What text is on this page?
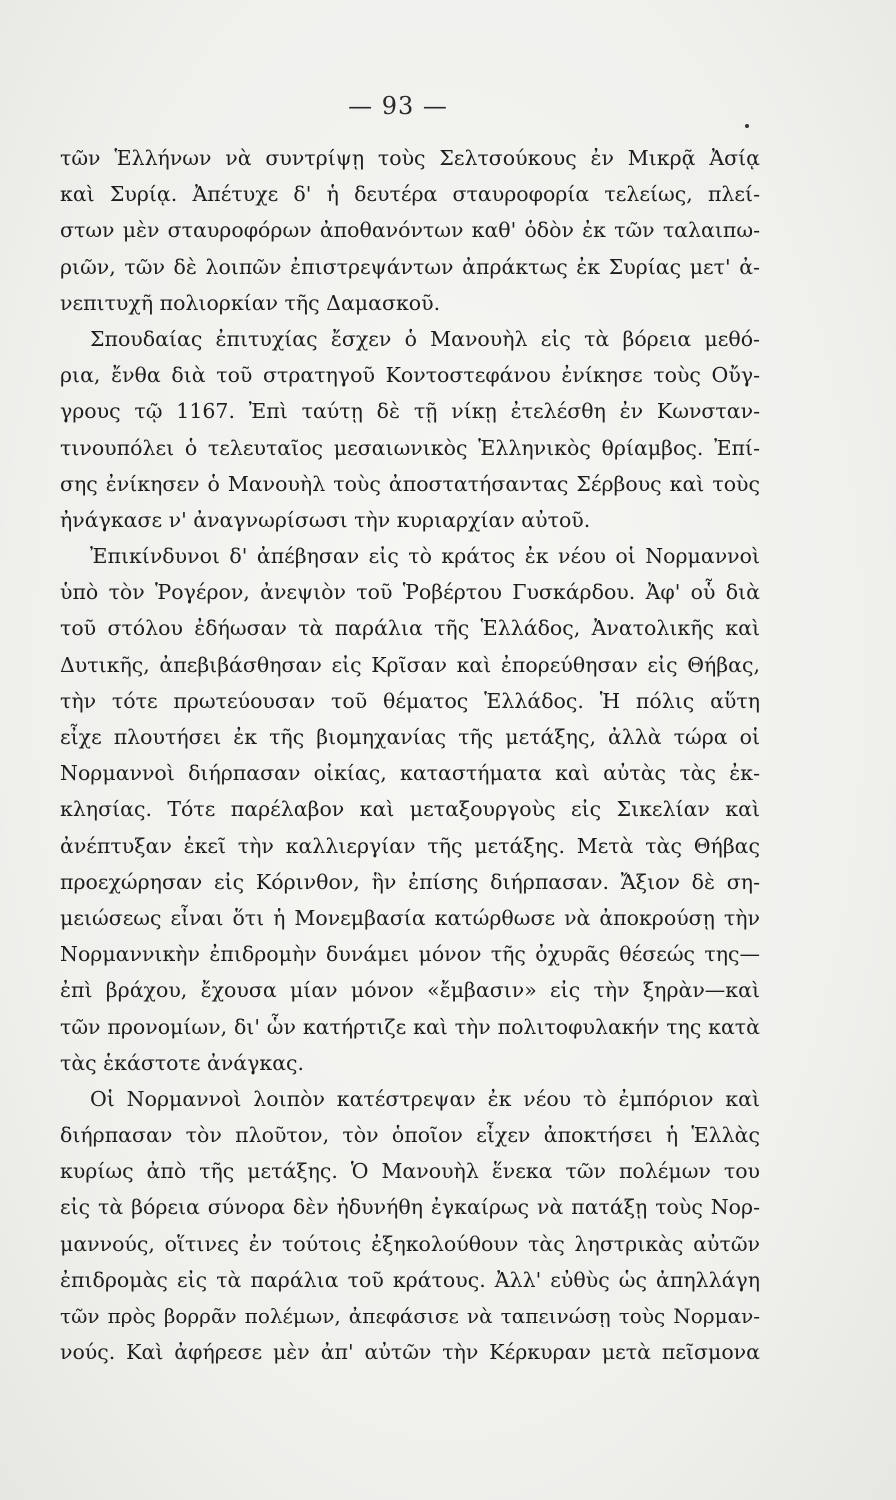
— 93 —
τῶν Ἑλλήνων νὰ συντρίψῃ τοὺς Σελτσούκους ἐν Μικρᾷ Ἀσίᾳ
καὶ Συρίᾳ. Ἀπέτυχε δ' ἡ δευτέρα σταυροφορία τελείως, πλεί-
στων μὲν σταυροφόρων ἀποθανόντων καθ' ὁδὸν ἐκ τῶν ταλαιπω-
ριῶν, τῶν δὲ λοιπῶν ἐπιστρεψάντων ἀπράκτως ἐκ Συρίας μετ' ἀ-
νεπιτυχῆ πολιορκίαν τῆς Δαμασκοῦ.
Σπουδαίας ἐπιτυχίας ἔσχεν ὁ Μανουὴλ εἰς τὰ βόρεια μεθό-
ρια, ἔνθα διὰ τοῦ στρατηγοῦ Κοντοστεφάνου ἐνίκησε τοὺς Οὔγ-
γρους τῷ 1167. Ἐπὶ ταύτῃ δὲ τῇ νίκῃ ἐτελέσθη ἐν Κωνσταν-
τινουπόλει ὁ τελευταῖος μεσαιωνικὸς Ἑλληνικὸς θρίαμβος. Ἐπί-
σης ἐνίκησεν ὁ Μανουὴλ τοὺς ἀποστατήσαντας Σέρβους καὶ τοὺς
ἠνάγκασε ν' ἀναγνωρίσωσι τὴν κυριαρχίαν αὐτοῦ.
Ἐπικίνδυνοι δ' ἀπέβησαν εἰς τὸ κράτος ἐκ νέου οἱ Νορμαννοὶ
ὑπὸ τὸν Ῥογέρον, ἀνεψιὸν τοῦ Ῥοβέρτου Γυσκάρδου. Ἀφ' οὗ διὰ
τοῦ στόλου ἐδήωσαν τὰ παράλια τῆς Ἑλλάδος, Ἀνατολικῆς καὶ
Δυτικῆς, ἀπεβιβάσθησαν εἰς Κρῖσαν καὶ ἐπορεύθησαν εἰς Θήβας,
τὴν τότε πρωτεύουσαν τοῦ θέματος Ἑλλάδος. Ἡ πόλις αὕτη
εἶχε πλουτήσει ἐκ τῆς βιομηχανίας τῆς μετάξης, ἀλλὰ τώρα οἱ
Νορμαννοὶ διήρπασαν οἰκίας, καταστήματα καὶ αὐτὰς τὰς ἐκ-
κλησίας. Τότε παρέλαβον καὶ μεταξουργοὺς εἰς Σικελίαν καὶ
ἀνέπτυξαν ἐκεῖ τὴν καλλιεργίαν τῆς μετάξης. Μετὰ τὰς Θήβας
προεχώρησαν εἰς Κόρινθον, ἣν ἐπίσης διήρπασαν. Ἄξιον δὲ ση-
μειώσεως εἶναι ὅτι ἡ Μονεμβασία κατώρθωσε νὰ ἀποκρούσῃ τὴν
Νορμαννικὴν ἐπιδρομὴν δυνάμει μόνον τῆς ὀχυρᾶς θέσεώς της—
ἐπὶ βράχου, ἔχουσα μίαν μόνον «ἔμβασιν» εἰς τὴν ξηρὰν—καὶ
τῶν προνομίων, δι' ὧν κατήρτιζε καὶ τὴν πολιτοφυλακήν της κατὰ
τὰς ἑκάστοτε ἀνάγκας.
Οἱ Νορμαννοὶ λοιπὸν κατέστρεψαν ἐκ νέου τὸ ἐμπόριον καὶ
διήρπασαν τὸν πλοῦτον, τὸν ὁποῖον εἶχεν ἀποκτήσει ἡ Ἑλλὰς
κυρίως ἀπὸ τῆς μετάξης. Ὁ Μανουὴλ ἕνεκα τῶν πολέμων του
εἰς τὰ βόρεια σύνορα δὲν ἠδυνήθη ἐγκαίρως νὰ πατάξῃ τοὺς Νορ-
μαννούς, οἵτινες ἐν τούτοις ἐξηκολούθουν τὰς ληστρικὰς αὐτῶν
ἐπιδρομὰς εἰς τὰ παράλια τοῦ κράτους. Ἀλλ' εὐθὺς ὡς ἀπηλλάγη
τῶν πρὸς βορρᾶν πολέμων, ἀπεφάσισε νὰ ταπεινώσῃ τοὺς Νορμαν-
νούς. Καὶ ἀφήρεσε μὲν ἀπ' αὐτῶν τὴν Κέρκυραν μετὰ πεῖσμονα
